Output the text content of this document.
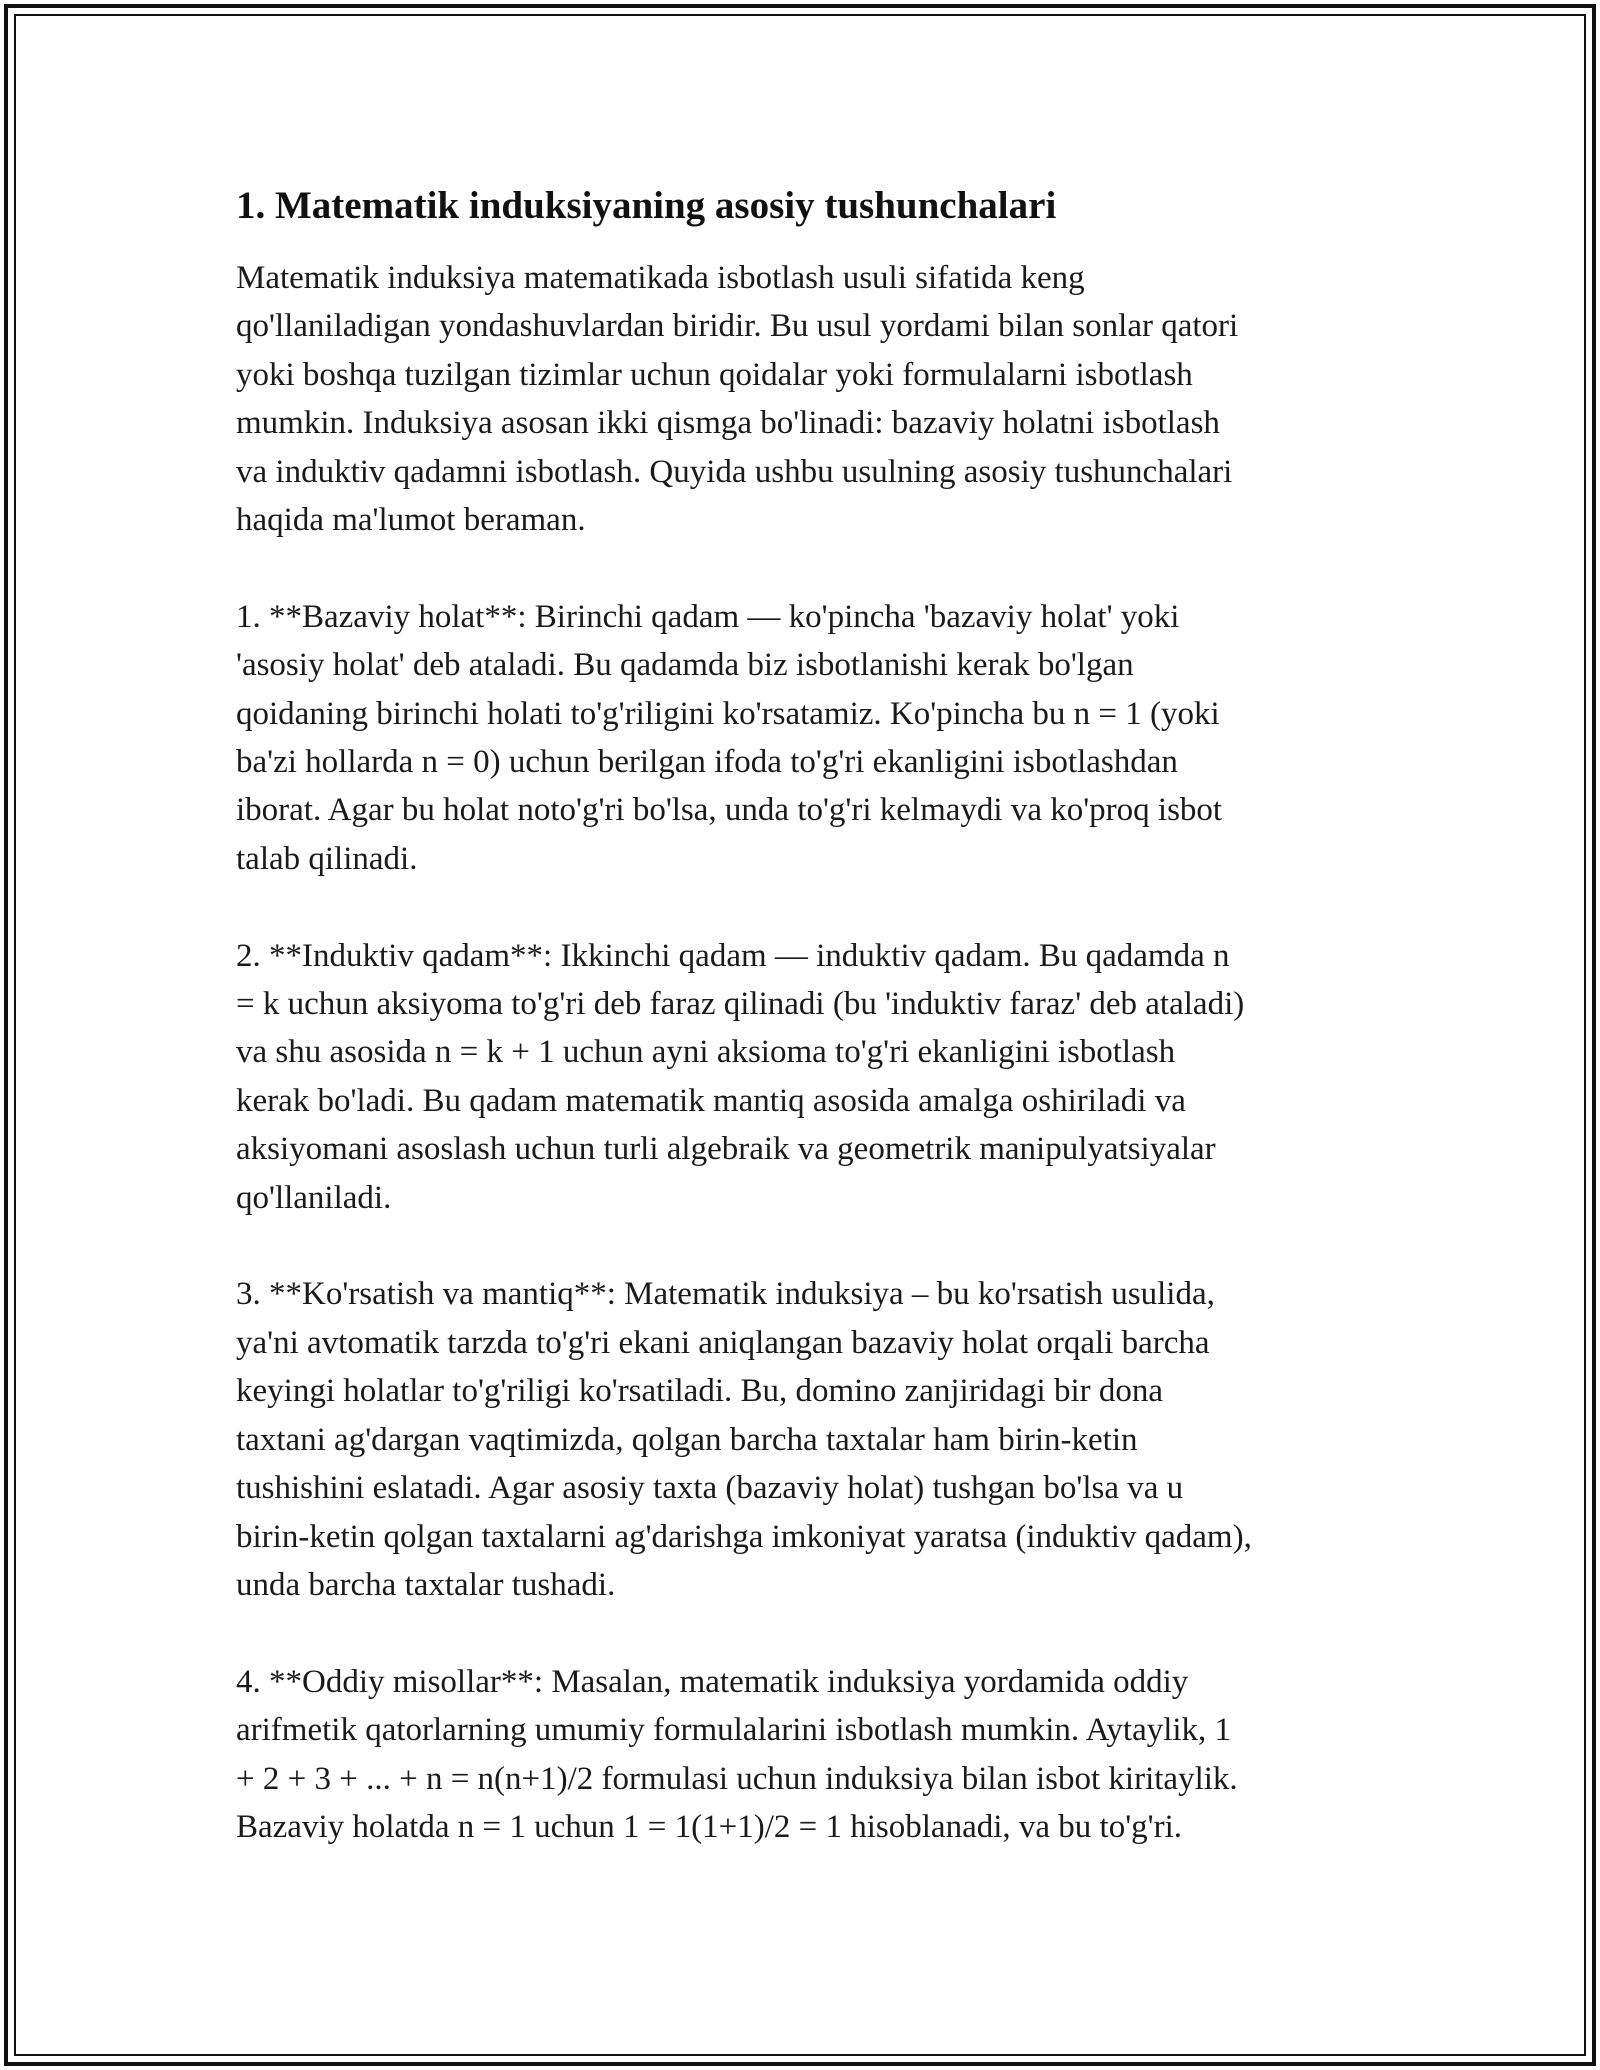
1. Matematik induksiyaning asosiy tushunchalari
Matematik induksiya matematikada isbotlash usuli sifatida keng
qo'llaniladigan yondashuvlardan biridir. Bu usul yordami bilan sonlar qatori
yoki boshqa tuzilgan tizimlar uchun qoidalar yoki formulalarni isbotlash
mumkin. Induksiya asosan ikki qismga bo'linadi: bazaviy holatni isbotlash
va induktiv qadamni isbotlash. Quyida ushbu usulning asosiy tushunchalari
haqida ma'lumot beraman.
1. **Bazaviy holat**: Birinchi qadam — ko'pincha 'bazaviy holat' yoki
'asosiy holat' deb ataladi. Bu qadamda biz isbotlanishi kerak bo'lgan
qoidaning birinchi holati to'g'riligini ko'rsatamiz. Ko'pincha bu n = 1 (yoki
ba'zi hollarda n = 0) uchun berilgan ifoda to'g'ri ekanligini isbotlashdan
iborat. Agar bu holat noto'g'ri bo'lsa, unda to'g'ri kelmaydi va ko'proq isbot
talab qilinadi.
2. **Induktiv qadam**: Ikkinchi qadam — induktiv qadam. Bu qadamda n
= k uchun aksiyoma to'g'ri deb faraz qilinadi (bu 'induktiv faraz' deb ataladi)
va shu asosida n = k + 1 uchun ayni aksioma to'g'ri ekanligini isbotlash
kerak bo'ladi. Bu qadam matematik mantiq asosida amalga oshiriladi va
aksiyomani asoslash uchun turli algebraik va geometrik manipulyatsiyalar
qo'llaniladi.
3. **Ko'rsatish va mantiq**: Matematik induksiya – bu ko'rsatish usulida,
ya'ni avtomatik tarzda to'g'ri ekani aniqlangan bazaviy holat orqali barcha
keyingi holatlar to'g'riligi ko'rsatiladi. Bu, domino zanjiridagi bir dona
taxtani ag'dargan vaqtimizda, qolgan barcha taxtalar ham birin-ketin
tushishini eslatadi. Agar asosiy taxta (bazaviy holat) tushgan bo'lsa va u
birin-ketin qolgan taxtalarni ag'darishga imkoniyat yaratsa (induktiv qadam),
unda barcha taxtalar tushadi.
4. **Oddiy misollar**: Masalan, matematik induksiya yordamida oddiy
arifmetik qatorlarning umumiy formulalarini isbotlash mumkin. Aytaylik, 1
+ 2 + 3 + ... + n = n(n+1)/2 formulasi uchun induksiya bilan isbot kiritaylik.
Bazaviy holatda n = 1 uchun 1 = 1(1+1)/2 = 1 hisoblanadi, va bu to'g'ri.
